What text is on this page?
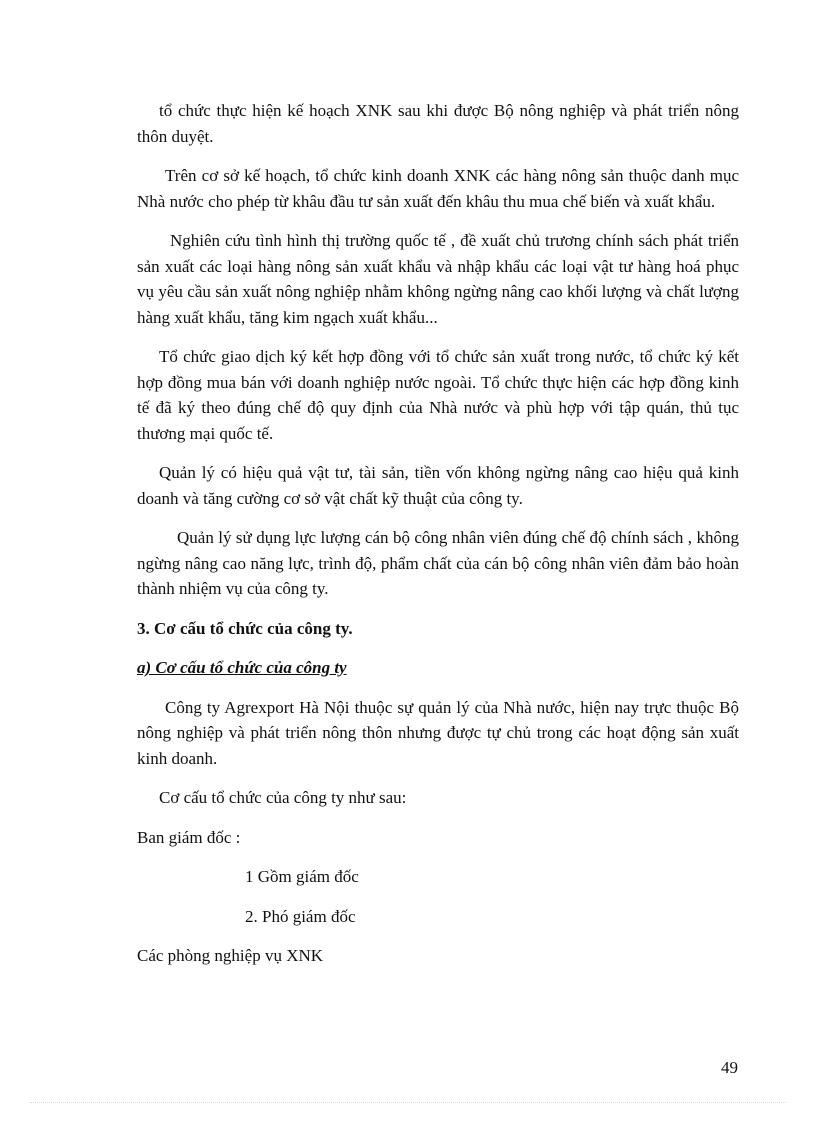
tổ chức thực hiện kế hoạch XNK sau khi được Bộ nông nghiệp và phát triển nông thôn duyệt.

Trên cơ sở kế hoạch, tổ chức kinh doanh XNK các hàng nông sản thuộc danh mục Nhà nước cho phép từ khâu đầu tư sản xuất đến khâu thu mua chế biến và xuất khẩu.

Nghiên cứu tình hình thị trường quốc tế , đề xuất chủ trương chính sách phát triển sản xuất các loại hàng nông sản xuất khẩu và nhập khẩu các loại vật tư hàng hoá phục vụ yêu cầu sản xuất nông nghiệp nhằm không ngừng nâng cao khối lượng và chất lượng hàng xuất khẩu, tăng kim ngạch xuất khẩu...

Tổ chức giao dịch ký kết hợp đồng với tổ chức sản xuất trong nước, tổ chức ký kết hợp đồng mua bán với doanh nghiệp nước ngoài. Tổ chức thực hiện các hợp đồng kinh tế đã ký theo đúng chế độ quy định của Nhà nước và phù hợp với tập quán, thủ tục thương mại quốc tế.

Quản lý có hiệu quả vật tư, tài sản, tiền vốn không ngừng nâng cao hiệu quả kinh doanh và tăng cường cơ sở vật chất kỹ thuật của công ty.

Quản lý sử dụng lực lượng cán bộ công nhân viên đúng chế độ chính sách , không ngừng nâng cao năng lực, trình độ, phẩm chất của cán bộ công nhân viên đảm bảo hoàn thành nhiệm vụ của công ty.

3. Cơ cấu tổ chức của công ty.

a) Cơ cấu tổ chức của công ty

Công ty Agrexport Hà Nội thuộc sự quản lý của Nhà nước, hiện nay trực thuộc Bộ nông nghiệp và phát triển nông thôn nhưng được tự chủ trong các hoạt động sản xuất kinh doanh.

Cơ cấu tổ chức của công ty như sau:

Ban giám đốc :

1 Gồm giám đốc

2. Phó giám đốc

Các phòng nghiệp vụ XNK

49
